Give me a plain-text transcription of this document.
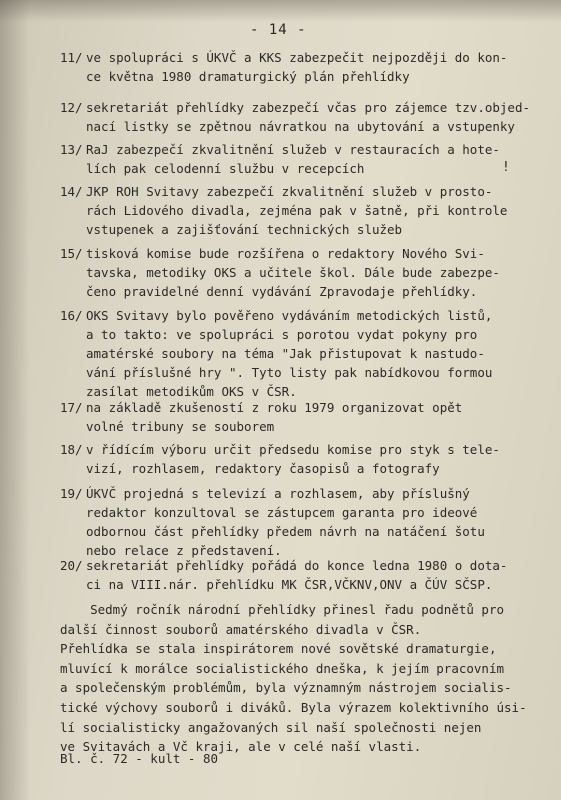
- 14 -
!
11/ ve spolupráci s ÚKVČ a KKS zabezpečit nejpozději do kon-
ce května 1980 dramaturgický plán přehlídky
12/ sekretariát přehlídky zabezpečí včas pro zájemce tzv.objed-
nací listky se zpětnou návratkou na ubytování a vstupenky
13/ RaJ zabezpečí zkvalitnění služeb v restauracích a hote-
lích pak celodenní službu v recepcích
14/ JKP ROH Svitavy zabezpečí zkvalitnění služeb v prosto-
rách Lidového divadla, zejména pak v šatně, při kontrole
vstupenek a zajišťování technických služeb
15/ tisková komise bude rozšířena o redaktory Nového Svi-
tavska, metodiky OKS a učitele škol. Dále bude zabezpe-
čeno pravidelné denní vydávání Zpravodaje přehlídky.
16/ OKS Svitavy bylo pověřeno vydáváním metodických listů,
a to takto: ve spolupráci s porotou vydat pokyny pro
amatérské soubory na téma "Jak přistupovat k nastudo-
vání příslušné hry ". Tyto listy pak nabídkovou formou
zasílat metodikům OKS v ČSR.
17/ na základě zkušeností z roku 1979 organizovat opět
volné tribuny se souborem
18/ v řídícím výboru určit předsedu komise pro styk s tele-
vizí, rozhlasem, redaktory časopisů a fotografy
19/ ÚKVČ projedná s televizí a rozhlasem, aby příslušný
redaktor konzultoval se zástupcem garanta pro ideové
odbornou část přehlídky předem návrh na natáčení šotu
nebo relace z představení.
20/ sekretariát přehlídky pořádá do konce ledna 1980 o dota-
ci na VIII.nár. přehlídku MK ČSR,VČKNV,ONV a ČÚV SČSP.
Sedmý ročník národní přehlídky přinesl řadu podnětů pro
další činnost souborů amatérského divadla v ČSR.
Přehlídka se stala inspirátorem nové sovětské dramaturgie,
mluvící k morálce socialistického dneška, k jejím pracovním
a společenským problémům, byla významným nástrojem socialis-
tické výchovy souborů i diváků. Byla výrazem kolektivního úsi-
lí socialisticky angažovaných sil naší společnosti nejen
ve Svitavách a Vč kraji, ale v celé naší vlasti.
Bl. č. 72 - kult - 80
